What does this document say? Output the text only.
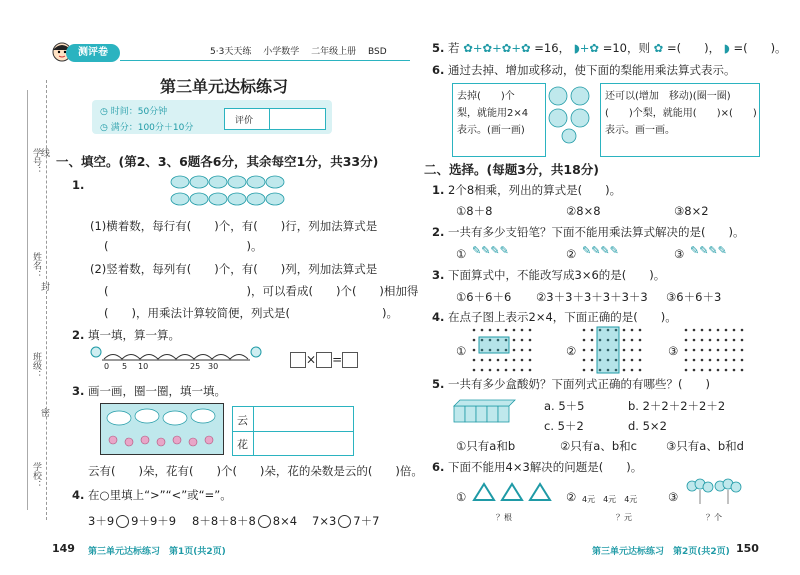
学号：
线
姓名：
封
班级：
密
学校：
测评卷	5·3天天练　 小学数学　 二年级上册　 BSD
第三单元达标练习
◷ 时间：50分钟
◷ 满分：100分＋10分
评价
一、填空。(第2、3、6题各6分，其余每空1分，共33分)
1.
(1)横着数，每行有(　　)个，有(　　)行，列加法算式是
(　　　　　　　　　　　　)。
(2)竖着数，每列有(　　)个，有(　　)列，列加法算式是
(　　　　　　　　　　　　)，可以看成(　　)个(　　)相加得
(　　)，用乘法计算较简便，列式是(　　　　　　　　)。
2. 填一填，算一算。
0 5 10	25 30	× =
3. 画一画，圈一圈，填一填。
云
花
云有(　　)朵，花有(　　)个(　　)朵，花的朵数是云的(　　)倍。
4. 在○里填上“>”“<”或“=”。
3＋9 9＋9＋9 8＋8＋8＋8 8×4 7×3 7＋7
149 第三单元达标练习　第1页(共2页)
5. 若 ✿+✿+✿+✿ =16， ◗+✿ =10，则 ✿ =(　　)， ◗ =(　　)。
6. 通过去掉、增加或移动，使下面的梨能用乘法算式表示。
去掉(　　)个
梨，就能用2×4
表示。(画一画)
还可以(增加　移动)(圈一圈)
(　　)个梨，就能用(　　)×(　　)
表示。画一画。
二、选择。(每题3分，共18分)
1. 2个8相乘，列出的算式是(　　)。
①8＋8	②8×8	③8×2
2. 一共有多少支铅笔？下面不能用乘法算式解决的是(　　)。
① ✎✎✎✎	② ✎✎✎✎	③ ✎✎✎✎
3. 下面算式中，不能改写成3×6的是(　　)。
①6＋6＋6 ②3＋3＋3＋3＋3＋3 ③6＋6＋3
4. 在点子图上表示2×4，下面正确的是(　　)。
①	②	③
5. 一共有多少盒酸奶？下面列式正确的有哪些？(　　)
a. 5＋5	b. 2＋2＋2＋2＋2
c. 5＋2	d. 5×2
①只有a和b	②只有a、b和c	③只有a、b和d
6. 下面不能用4×3解决的问题是(　　)。
①
？根
② 4元　 4元　 4元
？元
③
？个
第三单元达标练习　第2页(共2页) 150
